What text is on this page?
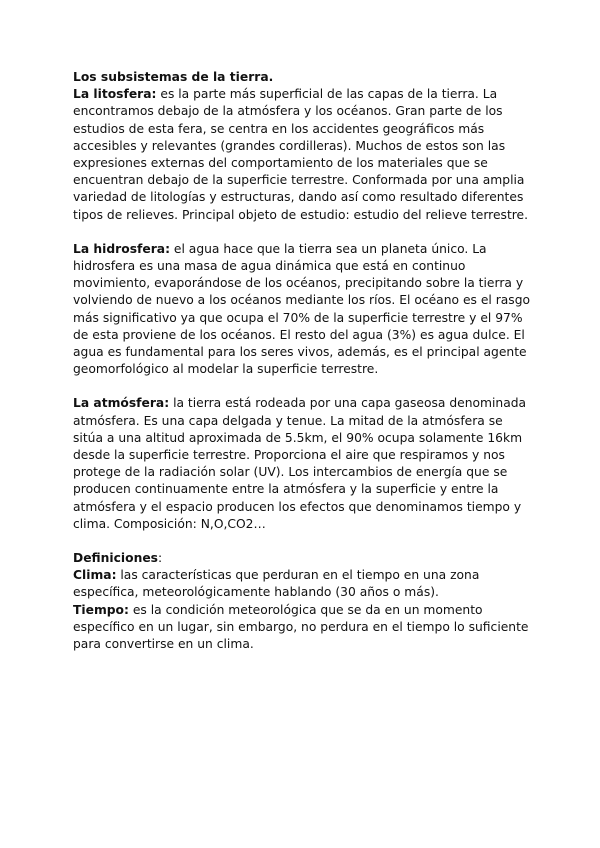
Los subsistemas de la tierra.

La litosfera: es la parte más superficial de las capas de la tierra. La encontramos debajo de la atmósfera y los océanos. Gran parte de los estudios de esta fera, se centra en los accidentes geográficos más accesibles y relevantes (grandes cordilleras). Muchos de estos son las expresiones externas del comportamiento de los materiales que se encuentran debajo de la superficie terrestre. Conformada por una amplia variedad de litologías y estructuras, dando así como resultado diferentes tipos de relieves. Principal objeto de estudio: estudio del relieve terrestre.

La hidrosfera: el agua hace que la tierra sea un planeta único. La hidrosfera es una masa de agua dinámica que está en continuo movimiento, evaporándose de los océanos, precipitando sobre la tierra y volviendo de nuevo a los océanos mediante los ríos. El océano es el rasgo más significativo ya que ocupa el 70% de la superficie terrestre y el 97% de esta proviene de los océanos. El resto del agua (3%) es agua dulce. El agua es fundamental para los seres vivos, además, es el principal agente geomorfológico al modelar la superficie terrestre.

La atmósfera: la tierra está rodeada por una capa gaseosa denominada atmósfera. Es una capa delgada y tenue. La mitad de la atmósfera se sitúa a una altitud aproximada de 5.5km, el 90% ocupa solamente 16km desde la superficie terrestre. Proporciona el aire que respiramos y nos protege de la radiación solar (UV). Los intercambios de energía que se producen continuamente entre la atmósfera y la superficie y entre la atmósfera y el espacio producen los efectos que denominamos tiempo y clima. Composición: N,O,CO2…

Definiciones:

Clima: las características que perduran en el tiempo en una zona específica, meteorológicamente hablando (30 años o más).

Tiempo: es la condición meteorológica que se da en un momento específico en un lugar, sin embargo, no perdura en el tiempo lo suficiente para convertirse en un clima.
